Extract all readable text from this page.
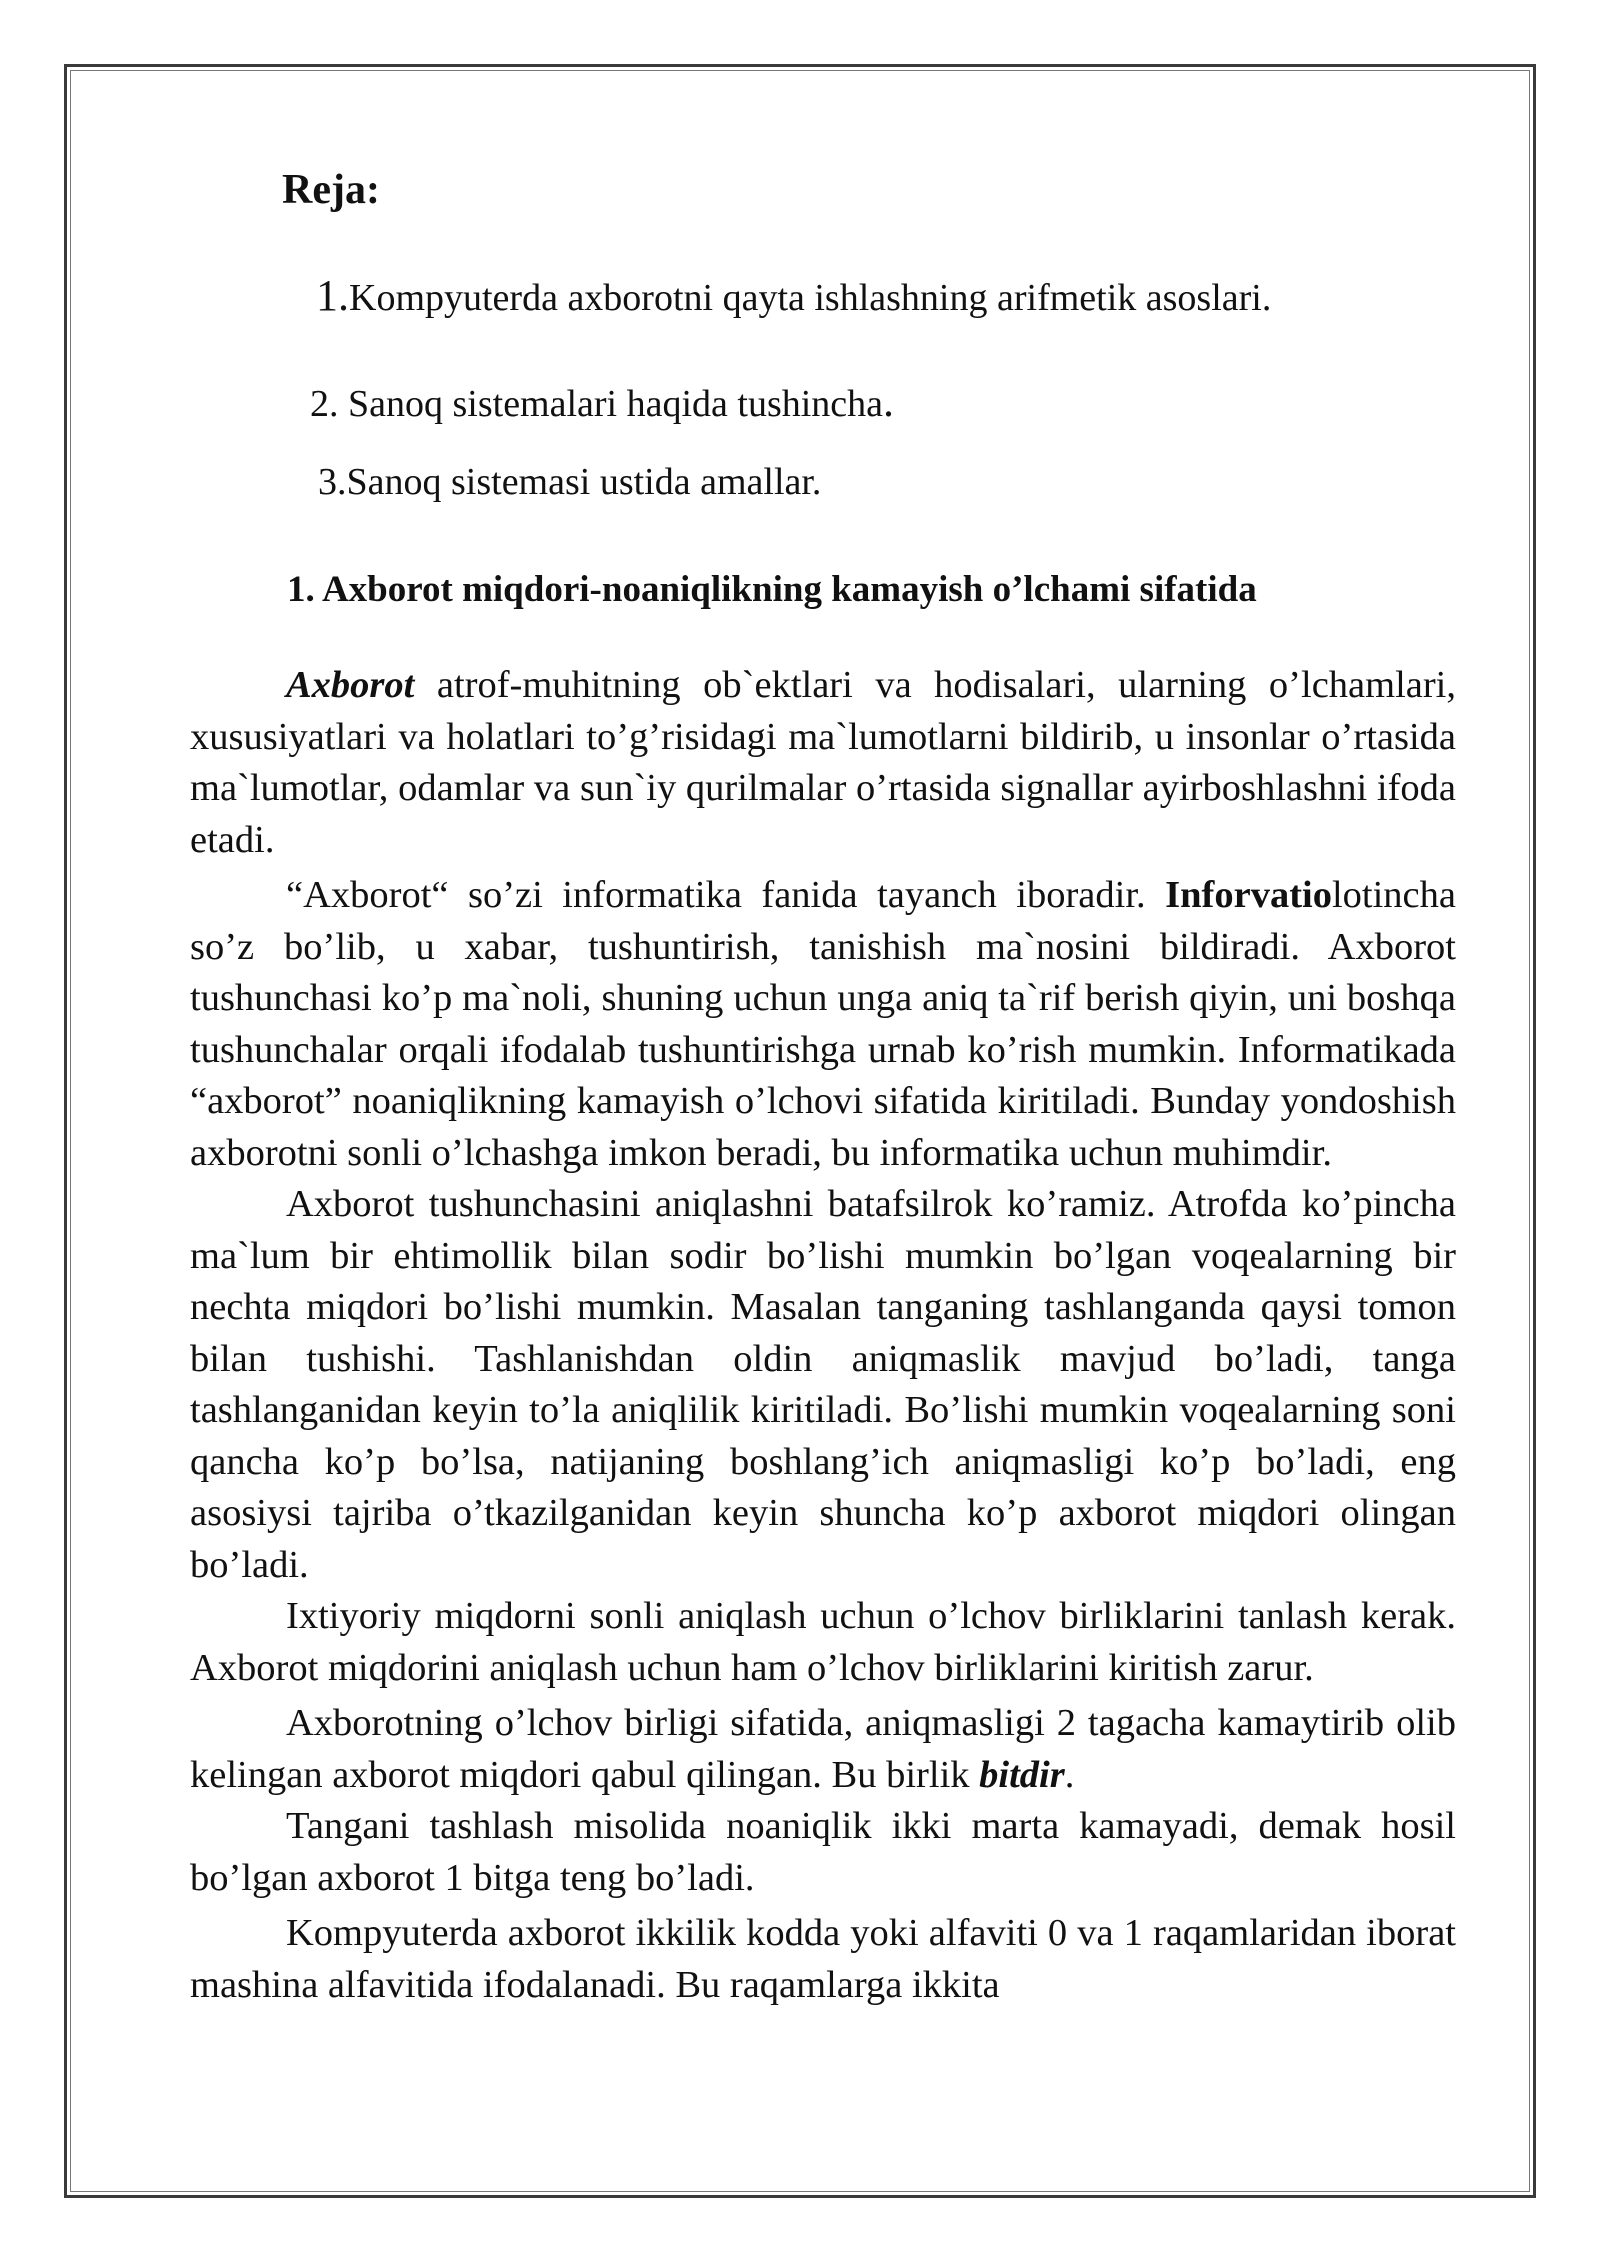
Reja:
1.Kompyuterda axborotni qayta ishlashning arifmetik asoslari.
2. Sanoq sistemalari haqida tushincha.
3.Sanoq sistemasi ustida amallar.
1. Axborot miqdori-noaniqlikning kamayish o’lchami sifatida

Axborot atrof-muhitning ob`ektlari va hodisalari, ularning o’lchamlari, xususiyatlari va holatlari to’g’risidagi ma`lumotlarni bildirib, u insonlar o’rtasida ma`lumotlar, odamlar va sun`iy qurilmalar o’rtasida signallar ayirboshlashni ifoda etadi.

“Axborot“ so’zi informatika fanida tayanch iboradir. Inforvatiolotincha so’z bo’lib, u xabar, tushuntirish, tanishish ma`nosini bildiradi. Axborot tushunchasi ko’p ma`noli, shuning uchun unga aniq ta`rif berish qiyin, uni boshqa tushunchalar orqali ifodalab tushuntirishga urnab ko’rish mumkin. Informatikada “axborot” noaniqlikning kamayish o’lchovi sifatida kiritiladi. Bunday yondoshish axborotni sonli o’lchashga imkon beradi, bu informatika uchun muhimdir.

Axborot tushunchasini aniqlashni batafsilrok ko’ramiz. Atrofda ko’pincha ma`lum bir ehtimollik bilan sodir bo’lishi mumkin bo’lgan voqealarning bir nechta miqdori bo’lishi mumkin. Masalan tanganing tashlanganda qaysi tomon bilan tushishi. Tashlanishdan oldin aniqmaslik mavjud bo’ladi, tanga tashlanganidan keyin to’la aniqlilik kiritiladi. Bo’lishi mumkin voqealarning soni qancha ko’p bo’lsa, natijaning boshlang’ich aniqmasligi ko’p bo’ladi, eng asosiysi tajriba o’tkazilganidan keyin shuncha ko’p axborot miqdori olingan bo’ladi.

Ixtiyoriy miqdorni sonli aniqlash uchun o’lchov birliklarini tanlash kerak. Axborot miqdorini aniqlash uchun ham o’lchov birliklarini kiritish zarur.

Axborotning o’lchov birligi sifatida, aniqmasligi 2 tagacha kamaytirib olib kelingan axborot miqdori qabul qilingan. Bu birlik bitdir.

Tangani tashlash misolida noaniqlik ikki marta kamayadi, demak hosil bo’lgan axborot 1 bitga teng bo’ladi.

Kompyuterda axborot ikkilik kodda yoki alfaviti 0 va 1 raqamlaridan iborat mashina alfavitida ifodalanadi. Bu raqamlarga ikkita
